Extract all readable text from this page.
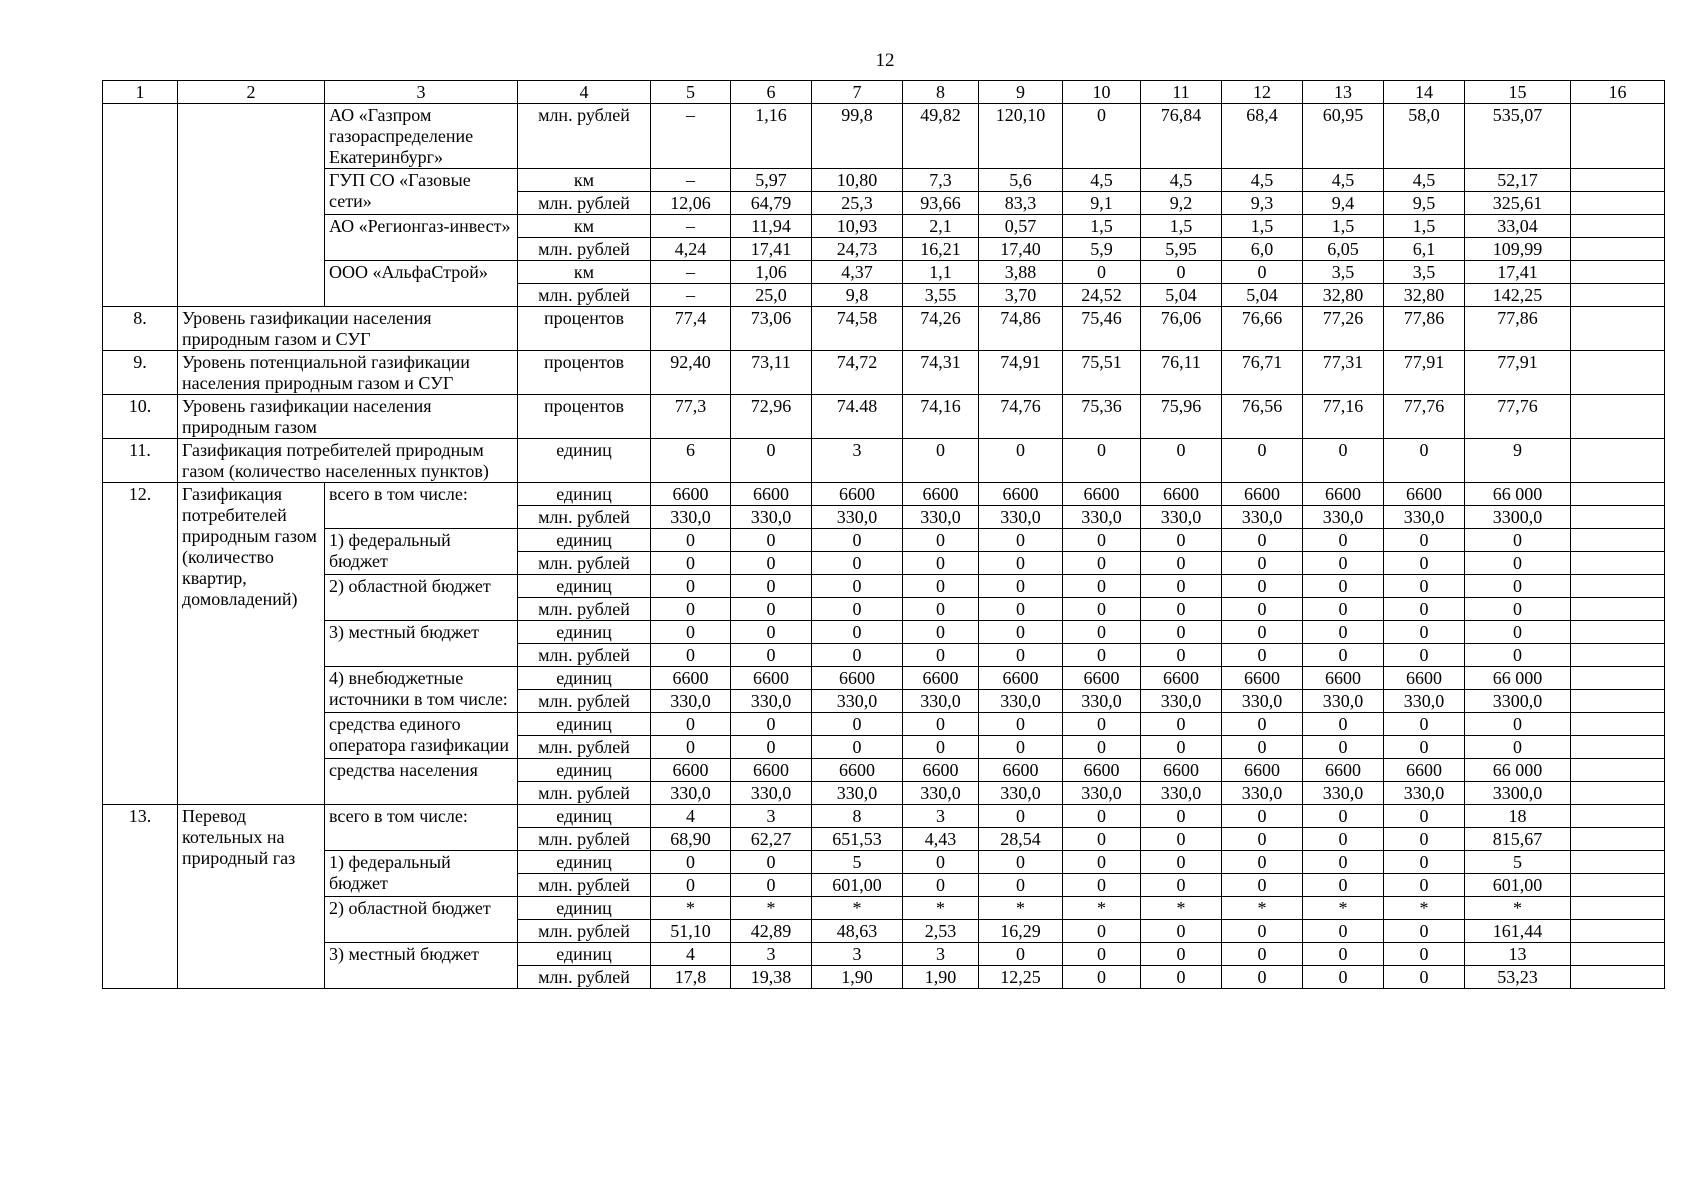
12
1	2	3	4	5	6	7	8	9	10	11	12	13	14	15	16
		АО «Газпром газораспределение Екатеринбург»	млн. рублей	–	1,16	99,8	49,82	120,10	0	76,84	68,4	60,95	58,0	535,07	
		ГУП СО «Газовые сети»	км	–	5,97	10,80	7,3	5,6	4,5	4,5	4,5	4,5	4,5	52,17	
			млн. рублей	12,06	64,79	25,3	93,66	83,3	9,1	9,2	9,3	9,4	9,5	325,61	
		АО «Регионгаз-инвест»	км	–	11,94	10,93	2,1	0,57	1,5	1,5	1,5	1,5	1,5	33,04	
			млн. рублей	4,24	17,41	24,73	16,21	17,40	5,9	5,95	6,0	6,05	6,1	109,99	
		ООО «АльфаСтрой»	км	–	1,06	4,37	1,1	3,88	0	0	0	3,5	3,5	17,41	
			млн. рублей	–	25,0	9,8	3,55	3,70	24,52	5,04	5,04	32,80	32,80	142,25	
8.	Уровень газификации населения природным газом и СУГ		процентов	77,4	73,06	74,58	74,26	74,86	75,46	76,06	76,66	77,26	77,86	77,86	
9.	Уровень потенциальной газификации населения природным газом и СУГ		процентов	92,40	73,11	74,72	74,31	74,91	75,51	76,11	76,71	77,31	77,91	77,91	
10.	Уровень газификации населения природным газом		процентов	77,3	72,96	74.48	74,16	74,76	75,36	75,96	76,56	77,16	77,76	77,76	
11.	Газификация потребителей природным газом (количество населенных пунктов)		единиц	6	0	3	0	0	0	0	0	0	0	9	
12.	Газификация потребителей природным газом (количество квартир, домовладений)	всего в том числе:	единиц	6600	6600	6600	6600	6600	6600	6600	6600	6600	6600	66 000	
			млн. рублей	330,0	330,0	330,0	330,0	330,0	330,0	330,0	330,0	330,0	330,0	3300,0	
		1) федеральный бюджет	единиц	0	0	0	0	0	0	0	0	0	0	0	
			млн. рублей	0	0	0	0	0	0	0	0	0	0	0	
		2) областной бюджет	единиц	0	0	0	0	0	0	0	0	0	0	0	
			млн. рублей	0	0	0	0	0	0	0	0	0	0	0	
		3) местный бюджет	единиц	0	0	0	0	0	0	0	0	0	0	0	
			млн. рублей	0	0	0	0	0	0	0	0	0	0	0	
		4) внебюджетные источники в том числе:	единиц	6600	6600	6600	6600	6600	6600	6600	6600	6600	6600	66 000	
			млн. рублей	330,0	330,0	330,0	330,0	330,0	330,0	330,0	330,0	330,0	330,0	3300,0	
		средства единого оператора газификации	единиц	0	0	0	0	0	0	0	0	0	0	0	
			млн. рублей	0	0	0	0	0	0	0	0	0	0	0	
		средства населения	единиц	6600	6600	6600	6600	6600	6600	6600	6600	6600	6600	66 000	
			млн. рублей	330,0	330,0	330,0	330,0	330,0	330,0	330,0	330,0	330,0	330,0	3300,0	
13.	Перевод котельных на природный газ	всего в том числе:	единиц	4	3	8	3	0	0	0	0	0	0	18	
			млн. рублей	68,90	62,27	651,53	4,43	28,54	0	0	0	0	0	815,67	
		1) федеральный бюджет	единиц	0	0	5	0	0	0	0	0	0	0	5	
			млн. рублей	0	0	601,00	0	0	0	0	0	0	0	601,00	
		2) областной бюджет	единиц	*	*	*	*	*	*	*	*	*	*	*	
			млн. рублей	51,10	42,89	48,63	2,53	16,29	0	0	0	0	0	161,44	
		3) местный бюджет	единиц	4	3	3	3	0	0	0	0	0	0	13	
			млн. рублей	17,8	19,38	1,90	1,90	12,25	0	0	0	0	0	53,23	
